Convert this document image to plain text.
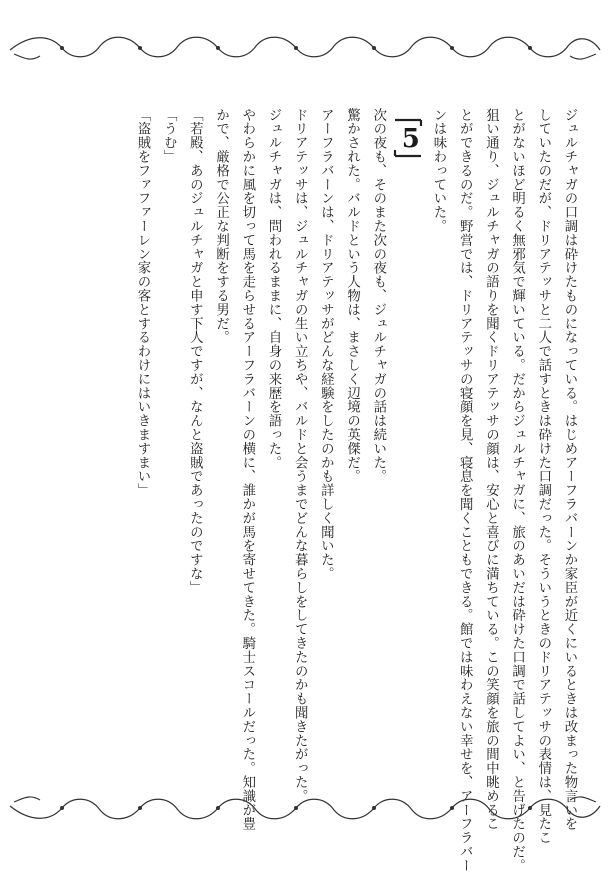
ジュルチャガの口調は砕けたものになっている。はじめアーフラバーンか家臣が近くにいるときは改まった物言いを

していたのだが、ドリアテッサと二人で話すときは砕けた口調だった。そういうときのドリアテッサの表情は、見たこ

とがないほど明るく無邪気で輝いている。だからジュルチャガに、旅のあいだは砕けた口調で話してよい、と告げたのだ。

狙い通り、ジュルチャガの語りを聞くドリアテッサの顔は、安心と喜びに満ちている。この笑顔を旅の間中眺めるこ

とができるのだ。野営では、ドリアテッサの寝顔を見、寝息を聞くこともできる。館では味わえない幸せを、アーフラバー

ンは味わっていた。

5

次の夜も、そのまた次の夜も、ジュルチャガの話は続いた。

驚かされた。バルドという人物は、まさしく辺境の英傑だ。

アーフラバーンは、ドリアテッサがどんな経験をしたのかも詳しく聞いた。

ドリアテッサは、ジュルチャガの生い立ちや、バルドと会うまでどんな暮らしをしてきたのかも聞きたがった。

ジュルチャガは、問われるままに、自身の来歴を語った。

やわらかに風を切って馬を走らせるアーフラバーンの横に、誰かが馬を寄せてきた。騎士スコールだった。知識が豊

かで、厳格で公正な判断をする男だ。

「若殿、あのジュルチャガと申す下人ですが、なんと盗賊であったのですな」

「うむ」

「盗賊をファファーレン家の客とするわけにはいきますまい」
